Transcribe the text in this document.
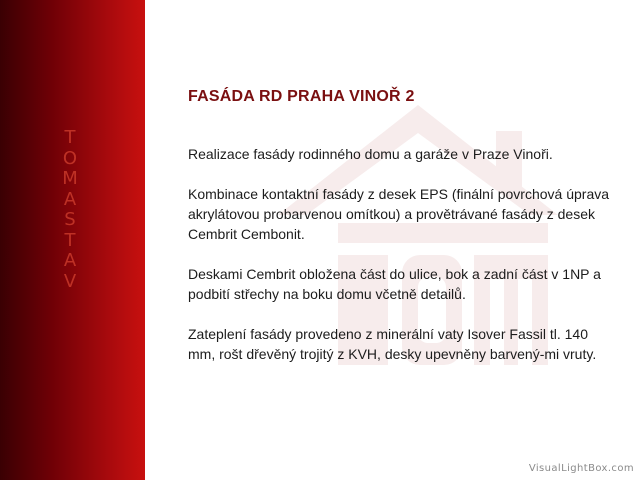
T
O
M
A
S
T
A
V
FASÁDA RD PRAHA VINOŘ 2

Realizace fasády rodinného domu a garáže v Praze Vinoři.

Kombinace kontaktní fasády z desek EPS (finální povrchová úprava akrylátovou probarvenou omítkou) a provětrávané fasády z desek Cembrit Cembonit.

Deskami Cembrit obložena část do ulice, bok a zadní část v 1NP a podbití střechy na boku domu včetně detailů.

Zateplení fasády provedeno z minerální vaty Isover Fassil tl. 140 mm, rošt dřevěný trojitý z KVH, desky upevněny barvený-mi vruty.

VisualLightBox.com
